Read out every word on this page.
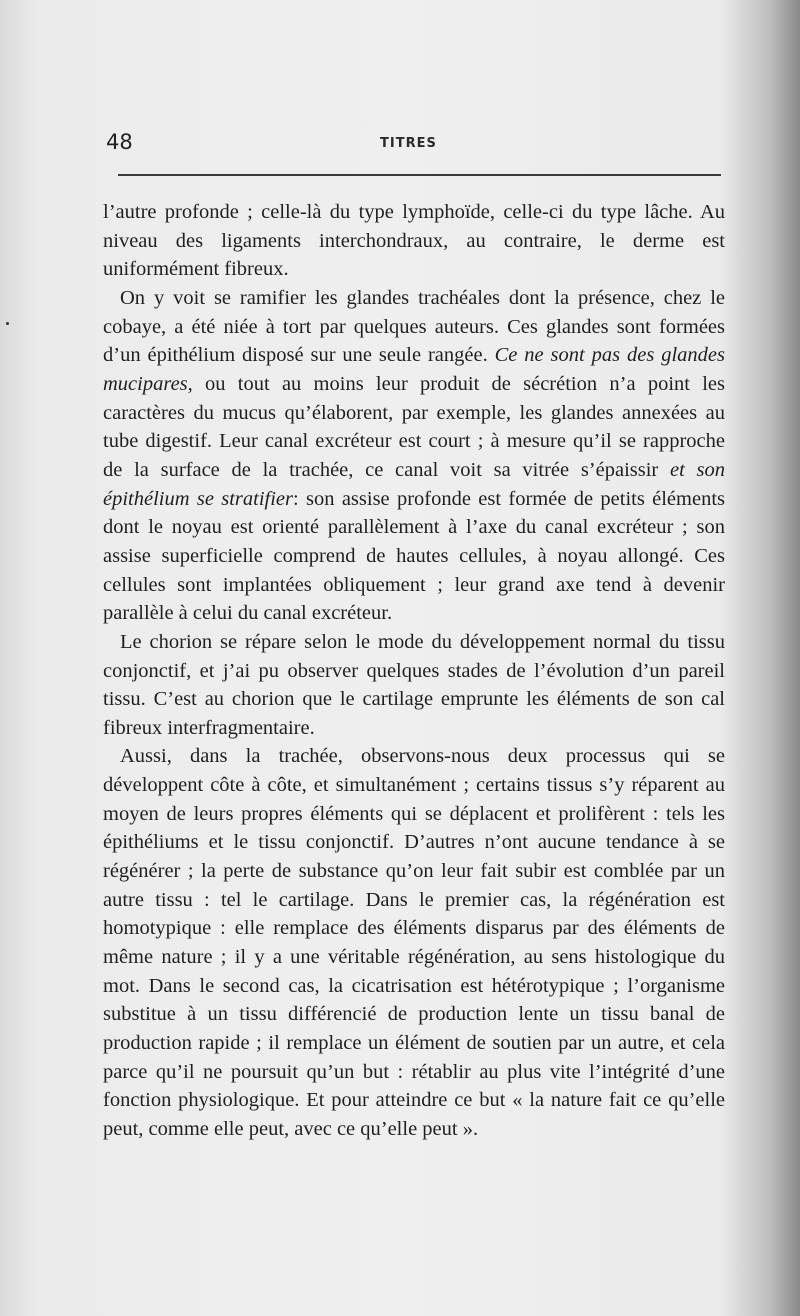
48	TITRES

l’autre profonde ; celle-là du type lymphoïde, celle-ci du type lâche. Au niveau des ligaments interchondraux, au contraire, le derme est uniformément fibreux.

On y voit se ramifier les glandes trachéales dont la présence, chez le cobaye, a été niée à tort par quelques auteurs. Ces glandes sont formées d’un épithélium disposé sur une seule rangée. Ce ne sont pas des glandes mucipares, ou tout au moins leur produit de sécrétion n’a point les caractères du mucus qu’élaborent, par exemple, les glandes annexées au tube digestif. Leur canal excréteur est court ; à mesure qu’il se rapproche de la surface de la trachée, ce canal voit sa vitrée s’épaissir et son épithélium se stratifier: son assise profonde est formée de petits éléments dont le noyau est orienté parallèlement à l’axe du canal excréteur ; son assise superficielle comprend de hautes cellules, à noyau allongé. Ces cellules sont implantées obliquement ; leur grand axe tend à devenir parallèle à celui du canal excréteur.

Le chorion se répare selon le mode du développement normal du tissu conjonctif, et j’ai pu observer quelques stades de l’évolution d’un pareil tissu. C’est au chorion que le cartilage emprunte les éléments de son cal fibreux interfragmentaire.

Aussi, dans la trachée, observons-nous deux processus qui se développent côte à côte, et simultanément ; certains tissus s’y réparent au moyen de leurs propres éléments qui se déplacent et prolifèrent : tels les épithéliums et le tissu conjonctif. D’autres n’ont aucune tendance à se régénérer ; la perte de substance qu’on leur fait subir est comblée par un autre tissu : tel le cartilage. Dans le premier cas, la régénération est homotypique : elle remplace des éléments disparus par des éléments de même nature ; il y a une véritable régénération, au sens histologique du mot. Dans le second cas, la cicatrisation est hétérotypique ; l’organisme substitue à un tissu différencié de production lente un tissu banal de production rapide ; il remplace un élément de soutien par un autre, et cela parce qu’il ne poursuit qu’un but : rétablir au plus vite l’intégrité d’une fonction physiologique. Et pour atteindre ce but « la nature fait ce qu’elle peut, comme elle peut, avec ce qu’elle peut ».
